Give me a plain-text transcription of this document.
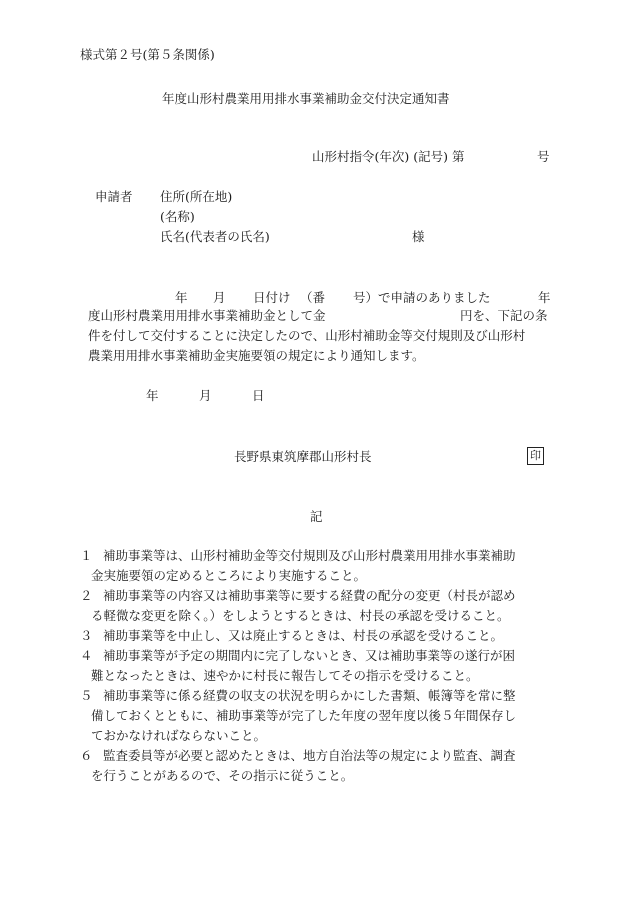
様式第２号(第５条関係)
年度山形村農業用用排水事業補助金交付決定通知書
山形村指令(年次) (記号) 第	号
申請者 住所(所在地)
(名称)
氏名(代表者の氏名)	様
年 月 日付け （番 号）で申請のありました	年
度山形村農業用用排水事業補助金として金	円を、下記の条
件を付して交付することに決定したので、山形村補助金等交付規則及び山形村
農業用用排水事業補助金実施要領の規定により通知します。
年	月	日
長野県東筑摩郡山形村長	印
記
１ 補助事業等は、山形村補助金等交付規則及び山形村農業用用排水事業補助
金実施要領の定めるところにより実施すること。
２ 補助事業等の内容又は補助事業等に要する経費の配分の変更（村長が認め
る軽微な変更を除く。）をしようとするときは、村長の承認を受けること。
３ 補助事業等を中止し、又は廃止するときは、村長の承認を受けること。
４ 補助事業等が予定の期間内に完了しないとき、又は補助事業等の遂行が困
難となったときは、速やかに村長に報告してその指示を受けること。
５ 補助事業等に係る経費の収支の状況を明らかにした書類、帳簿等を常に整
備しておくとともに、補助事業等が完了した年度の翌年度以後５年間保存し
ておかなければならないこと。
６ 監査委員等が必要と認めたときは、地方自治法等の規定により監査、調査
を行うことがあるので、その指示に従うこと。
